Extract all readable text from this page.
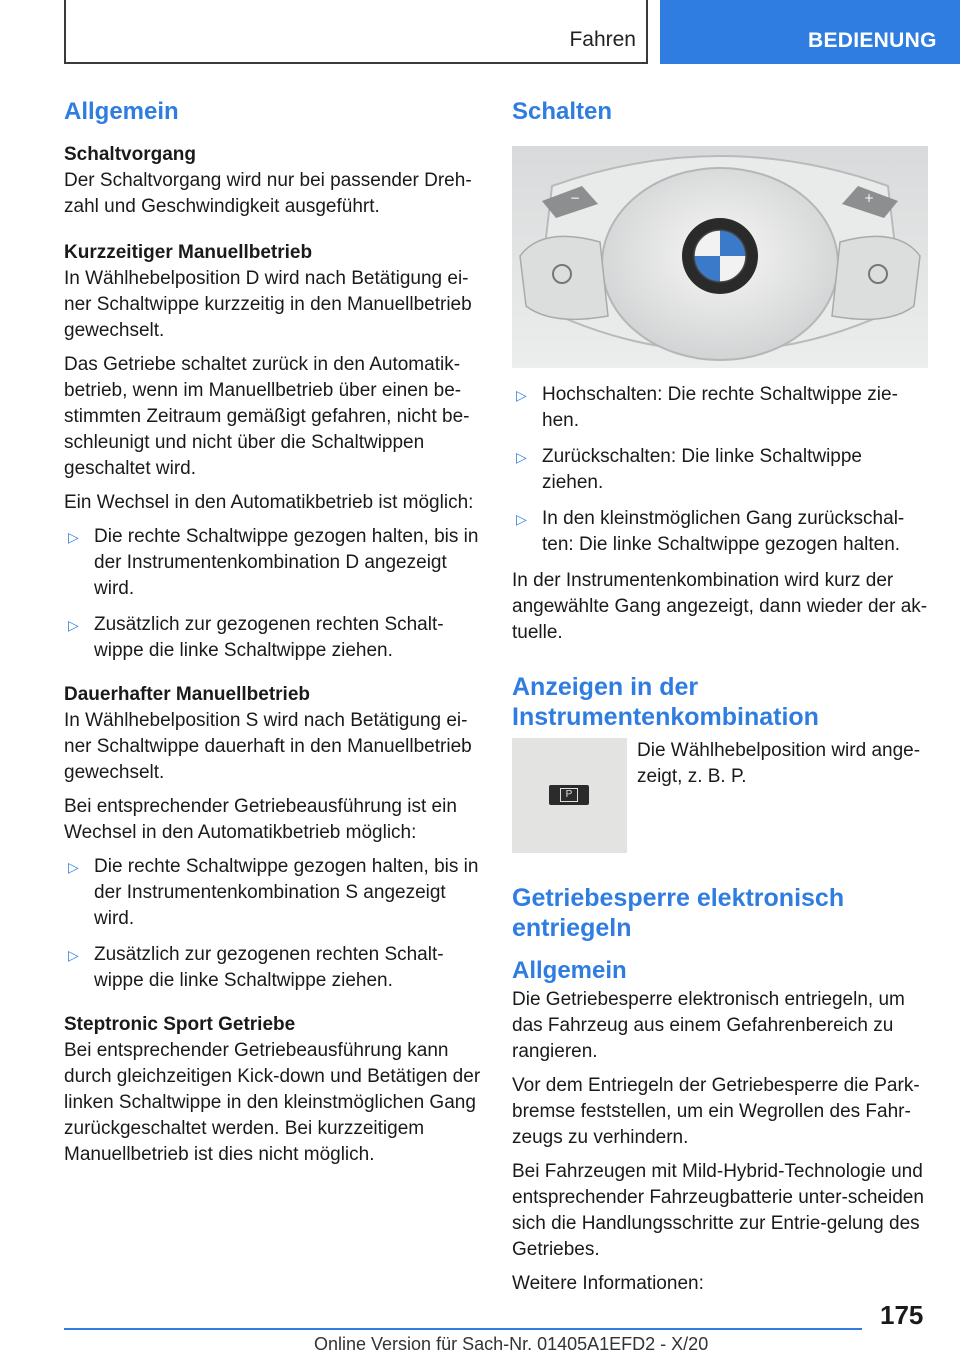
Fahren	BEDIENUNG
Allgemein
Schaltvorgang

Der Schaltvorgang wird nur bei passender Dreh-zahl und Geschwindigkeit ausgeführt.

Kurzzeitiger Manuellbetrieb

In Wählhebelposition D wird nach Betätigung ei-ner Schaltwippe kurzzeitig in den Manuellbetrieb gewechselt.

Das Getriebe schaltet zurück in den Automatik-betrieb, wenn im Manuellbetrieb über einen be-stimmten Zeitraum gemäßigt gefahren, nicht be-schleunigt und nicht über die Schaltwippen geschaltet wird.

Ein Wechsel in den Automatikbetrieb ist möglich:

▷ Die rechte Schaltwippe gezogen halten, bis in der Instrumentenkombination D angezeigt wird.
▷ Zusätzlich zur gezogenen rechten Schalt-wippe die linke Schaltwippe ziehen.
Dauerhafter Manuellbetrieb

In Wählhebelposition S wird nach Betätigung ei-ner Schaltwippe dauerhaft in den Manuellbetrieb gewechselt.

Bei entsprechender Getriebeausführung ist ein Wechsel in den Automatikbetrieb möglich:

▷ Die rechte Schaltwippe gezogen halten, bis in der Instrumentenkombination S angezeigt wird.
▷ Zusätzlich zur gezogenen rechten Schalt-wippe die linke Schaltwippe ziehen.
Steptronic Sport Getriebe

Bei entsprechender Getriebeausführung kann durch gleichzeitigen Kick-down und Betätigen der linken Schaltwippe in den kleinstmöglichen Gang zurückgeschaltet werden. Bei kurzzeitigem Manuellbetrieb ist dies nicht möglich.

Schalten
−	+
▷ Hochschalten: Die rechte Schaltwippe zie-hen.
▷ Zurückschalten: Die linke Schaltwippe ziehen.
▷ In den kleinstmöglichen Gang zurückschal-ten: Die linke Schaltwippe gezogen halten.

In der Instrumentenkombination wird kurz der angewählte Gang angezeigt, dann wieder der ak-tuelle.

Anzeigen in der Instrumentenkombination
P

Die Wählhebelposition wird ange-zeigt, z. B. P.

Getriebesperre elektronisch entriegeln
Allgemein

Die Getriebesperre elektronisch entriegeln, um das Fahrzeug aus einem Gefahrenbereich zu rangieren.

Vor dem Entriegeln der Getriebesperre die Park-bremse feststellen, um ein Wegrollen des Fahr-zeugs zu verhindern.

Bei Fahrzeugen mit Mild-Hybrid-Technologie und entsprechender Fahrzeugbatterie unter-scheiden sich die Handlungsschritte zur Entrie-gelung des Getriebes.

Weitere Informationen:

175
Online Version für Sach-Nr. 01405A1EFD2 - X/20
